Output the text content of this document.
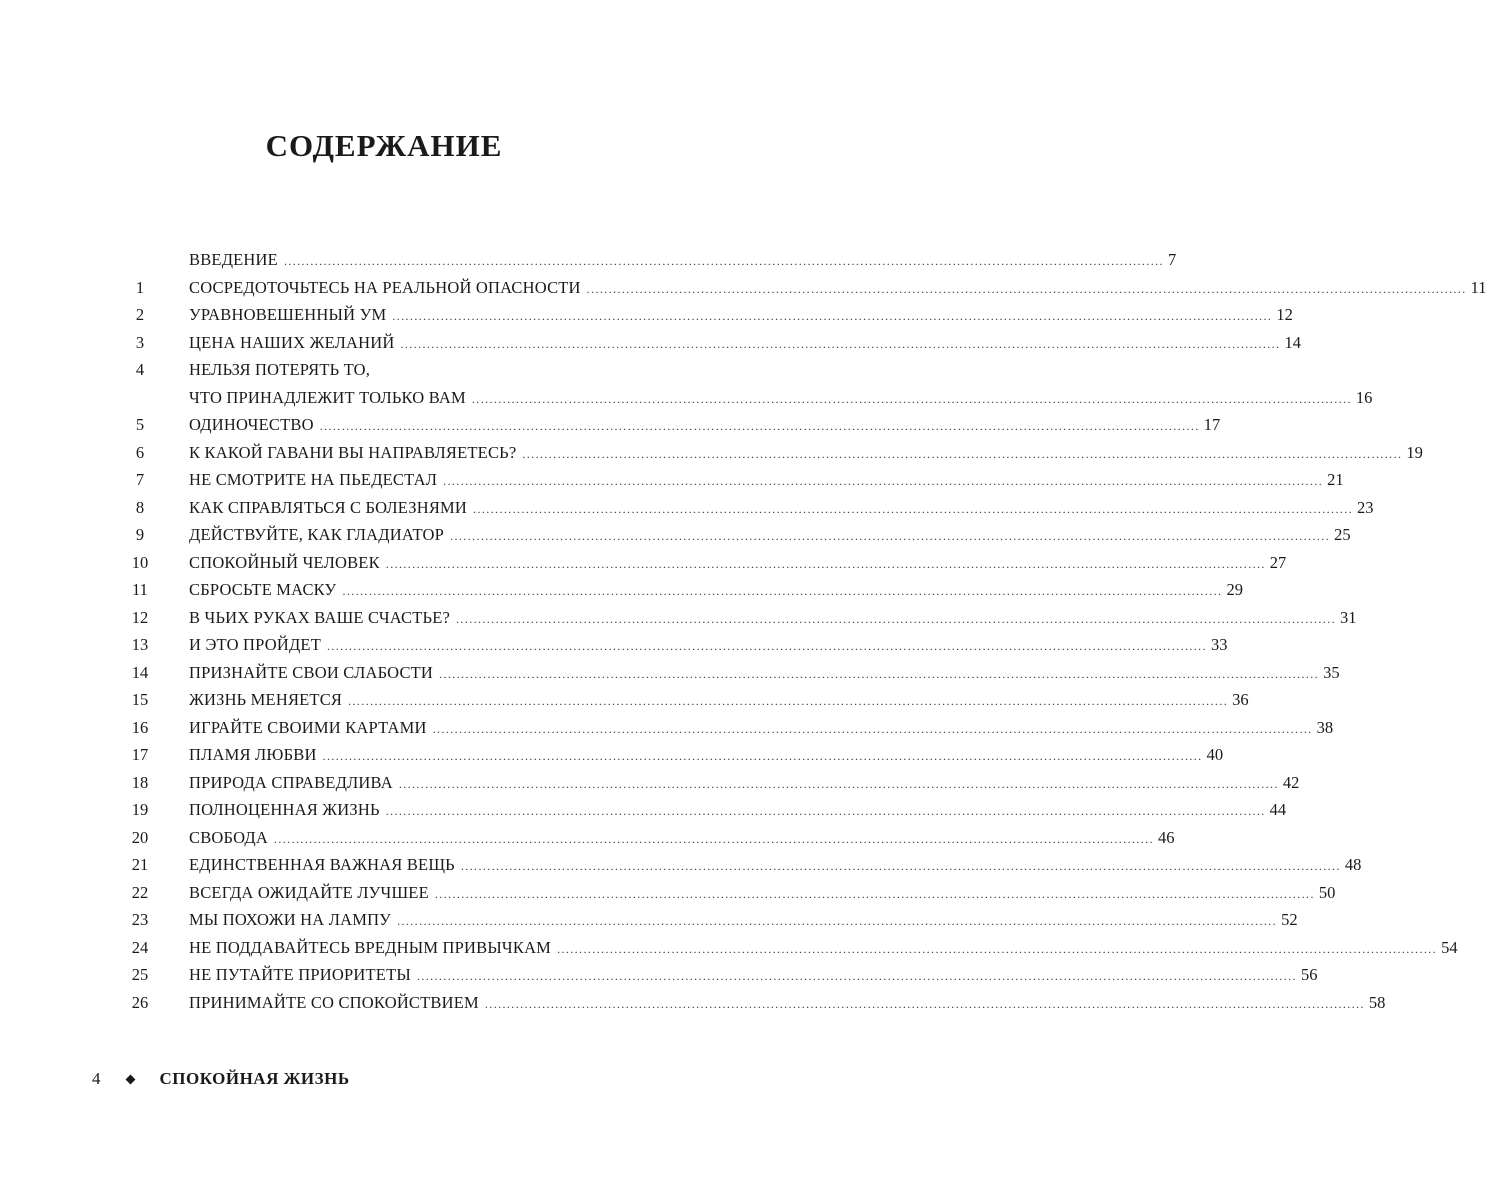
СОДЕРЖАНИЕ
ВВЕДЕНИЕ ........................................................................................................................................................................................................ 7
1	СОСРЕДОТОЧЬТЕСЬ НА РЕАЛЬНОЙ ОПАСНОСТИ ........................................................................................................................................................................................................ 11
2	УРАВНОВЕШЕННЫЙ УМ ........................................................................................................................................................................................................ 12
3	ЦЕНА НАШИХ ЖЕЛАНИЙ ........................................................................................................................................................................................................ 14
4	НЕЛЬЗЯ ПОТЕРЯТЬ ТО,
ЧТО ПРИНАДЛЕЖИТ ТОЛЬКО ВАМ ........................................................................................................................................................................................................ 16
5	ОДИНОЧЕСТВО ........................................................................................................................................................................................................ 17
6	К КАКОЙ ГАВАНИ ВЫ НАПРАВЛЯЕТЕСЬ? ........................................................................................................................................................................................................ 19
7	НЕ СМОТРИТЕ НА ПЬЕДЕСТАЛ ........................................................................................................................................................................................................ 21
8	КАК СПРАВЛЯТЬСЯ С БОЛЕЗНЯМИ ........................................................................................................................................................................................................ 23
9	ДЕЙСТВУЙТЕ, КАК ГЛАДИАТОР ........................................................................................................................................................................................................ 25
10	СПОКОЙНЫЙ ЧЕЛОВЕК ........................................................................................................................................................................................................ 27
11	СБРОСЬТЕ МАСКУ ........................................................................................................................................................................................................ 29
12	В ЧЬИХ РУКАХ ВАШЕ СЧАСТЬЕ? ........................................................................................................................................................................................................ 31
13	И ЭТО ПРОЙДЕТ ........................................................................................................................................................................................................ 33
14	ПРИЗНАЙТЕ СВОИ СЛАБОСТИ ........................................................................................................................................................................................................ 35
15	ЖИЗНЬ МЕНЯЕТСЯ ........................................................................................................................................................................................................ 36
16	ИГРАЙТЕ СВОИМИ КАРТАМИ ........................................................................................................................................................................................................ 38
17	ПЛАМЯ ЛЮБВИ ........................................................................................................................................................................................................ 40
18	ПРИРОДА СПРАВЕДЛИВА ........................................................................................................................................................................................................ 42
19	ПОЛНОЦЕННАЯ ЖИЗНЬ ........................................................................................................................................................................................................ 44
20	СВОБОДА ........................................................................................................................................................................................................ 46
21	ЕДИНСТВЕННАЯ ВАЖНАЯ ВЕЩЬ ........................................................................................................................................................................................................ 48
22	ВСЕГДА ОЖИДАЙТЕ ЛУЧШЕЕ ........................................................................................................................................................................................................ 50
23	МЫ ПОХОЖИ НА ЛАМПУ ........................................................................................................................................................................................................ 52
24	НЕ ПОДДАВАЙТЕСЬ ВРЕДНЫМ ПРИВЫЧКАМ ........................................................................................................................................................................................................ 54
25	НЕ ПУТАЙТЕ ПРИОРИТЕТЫ ........................................................................................................................................................................................................ 56
26	ПРИНИМАЙТЕ СО СПОКОЙСТВИЕМ ........................................................................................................................................................................................................ 58
4	СПОКОЙНАЯ ЖИЗНЬ
